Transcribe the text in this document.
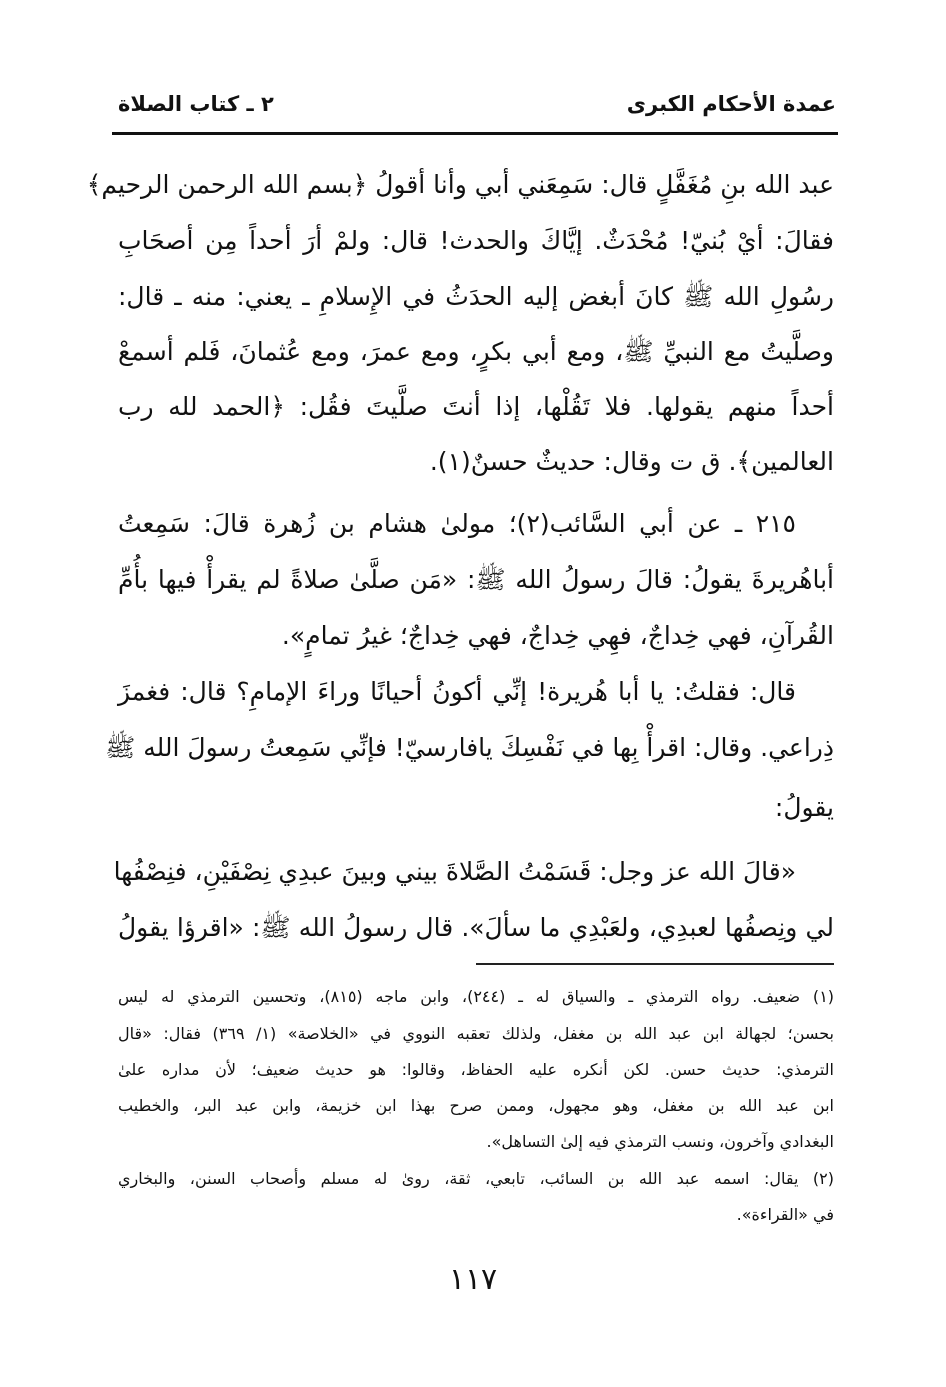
عمدة الأحكام الكبرى
٢ ـ كتاب الصلاة
عبد الله بنِ مُغَفَّلٍ قال: سَمِعَني أبي وأنا أقولُ ﴿بسم الله الرحمن الرحيم﴾
فقالَ: أيْ بُنيّ! مُحْدَثٌ. إيَّاكَ والحدث! قال: ولمْ أرَ أحداً مِن أصحَابِ
رسُولِ الله ﷺ كانَ أبغض إليه الحدَثُ في الإِسلامِ ـ يعني: منه ـ قال:
وصلَّيتُ مع النبيِّ ﷺ، ومع أبي بكرٍ، ومع عمرَ، ومع عُثمانَ، فَلم أسمعْ
أحداً منهم يقولها. فلا تَقُلْها، إذا أنتَ صلَّيتَ فقُل: ﴿الحمد لله رب
العالمين﴾. ق ت وقال: حديثٌ حسنٌ(١).
٢١٥ ـ عن أبي السَّائب(٢)؛ مولىٰ هشام بن زُهرة قالَ: سَمِعتُ
أباهُريرةَ يقولُ: قالَ رسولُ الله ﷺ: «مَن صلَّىٰ صلاةً لم يقرأْ فيها بأُمِّ
القُرآنِ، فهي خِداجٌ، فهِي خِداجٌ، فهي خِداجٌ؛ غيرُ تمامٍ».
قال: فقلتُ: يا أبا هُريرة! إنِّي أكونُ أحيانًا وراءَ الإمامِ؟ قال: فغمزَ
ذِراعي. وقال: اقرأْ بِها في نَفْسِكَ يافارسيّ! فإنِّي سَمِعتُ رسولَ الله ﷺ
يقولُ:
«قالَ الله عز وجل: قَسَمْتُ الصَّلاةَ بيني وبينَ عبدِي نِصْفَيْنِ، فنِصْفُها
لي ونِصفُها لعبدِي، ولعَبْدِي ما سألَ». قال رسولُ الله ﷺ: «اقرؤا يقولُ
(١) ضعيف. رواه الترمذي ـ والسياق له ـ (٢٤٤)، وابن ماجه (٨١٥)، وتحسين الترمذي له ليس
بحسن؛ لجهالة ابن عبد الله بن مغفل، ولذلك تعقبه النووي في «الخلاصة» (١/ ٣٦٩) فقال: «قال
الترمذي: حديث حسن. لكن أنكره عليه الحفاظ، وقالوا: هو حديث ضعيف؛ لأن مداره علىٰ
ابن عبد الله بن مغفل، وهو مجهول، وممن صرح بهذا ابن خزيمة، وابن عبد البر، والخطيب
البغدادي وآخرون، ونسب الترمذي فيه إلىٰ التساهل».
(٢) يقال: اسمه عبد الله بن السائب، تابعي، ثقة، روىٰ له مسلم وأصحاب السنن، والبخاري
في «القراءة».
١١٧
